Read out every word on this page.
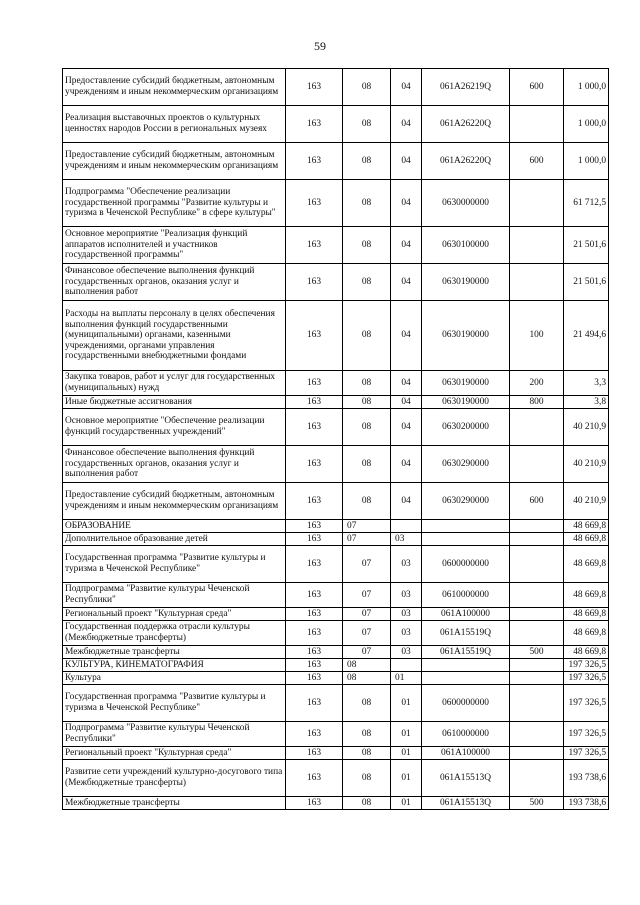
59
Предоставление субсидий бюджетным, автономным учреждениям и иным некоммерческим организациям	163	08	04	061A26219Q	600	1 000,0
Реализация выставочных проектов о культурных ценностях народов России в региональных музеях	163	08	04	061A26220Q		1 000,0
Предоставление субсидий бюджетным, автономным учреждениям и иным некоммерческим организациям	163	08	04	061A26220Q	600	1 000,0
Подпрограмма "Обеспечение реализации государственной программы "Развитие культуры и туризма в Чеченской Республике" в сфере культуры"	163	08	04	0630000000		61 712,5
Основное мероприятие "Реализация функций аппаратов исполнителей и участников государственной программы"	163	08	04	0630100000		21 501,6
Финансовое обеспечение выполнения функций государственных органов, оказания услуг и выполнения работ	163	08	04	0630190000		21 501,6
Расходы на выплаты персоналу в целях обеспечения выполнения функций государственными (муниципальными) органами, казенными учреждениями, органами управления государственными внебюджетными фондами	163	08	04	0630190000	100	21 494,6
Закупка товаров, работ и услуг для государственных (муниципальных) нужд	163	08	04	0630190000	200	3,3
Иные бюджетные ассигнования	163	08	04	0630190000	800	3,8
Основное мероприятие "Обеспечение реализации функций государственных учреждений"	163	08	04	0630200000		40 210,9
Финансовое обеспечение выполнения функций государственных органов, оказания услуг и выполнения работ	163	08	04	0630290000		40 210,9
Предоставление субсидий бюджетным, автономным учреждениям и иным некоммерческим организациям	163	08	04	0630290000	600	40 210,9
ОБРАЗОВАНИЕ	163	07				48 669,8
Дополнительное образование детей	163	07	03			48 669,8
Государственная программа "Развитие культуры и туризма в Чеченской Республике"	163	07	03	0600000000		48 669,8
Подпрограмма "Развитие культуры Чеченской Республики"	163	07	03	0610000000		48 669,8
Региональный проект "Культурная среда"	163	07	03	061A100000		48 669,8
Государственная поддержка отрасли культуры (Межбюджетные трансферты)	163	07	03	061A15519Q		48 669,8
Межбюджетные трансферты	163	07	03	061A15519Q	500	48 669,8
КУЛЬТУРА, КИНЕМАТОГРАФИЯ	163	08				197 326,5
Культура	163	08	01			197 326,5
Государственная программа "Развитие культуры и туризма в Чеченской Республике"	163	08	01	0600000000		197 326,5
Подпрограмма "Развитие культуры Чеченской Республики"	163	08	01	0610000000		197 326,5
Региональный проект "Культурная среда"	163	08	01	061A100000		197 326,5
Развитие сети учреждений культурно-досугового типа (Межбюджетные трансферты)	163	08	01	061A15513Q		193 738,6
Межбюджетные трансферты	163	08	01	061A15513Q	500	193 738,6
